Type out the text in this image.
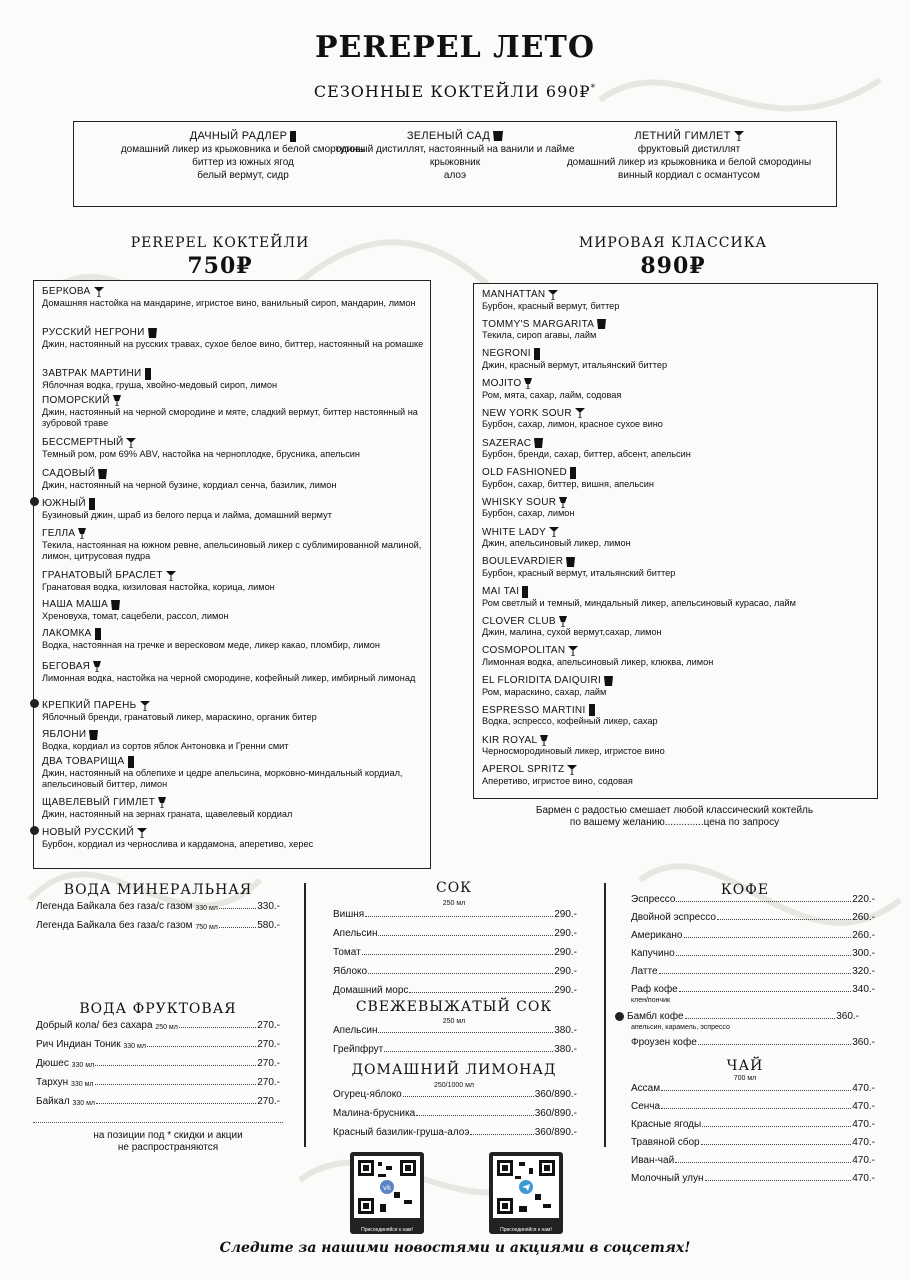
PEREPEL ЛЕТО
СЕЗОННЫЕ КОКТЕЙЛИ 690₽*
ДАЧНЫЙ РАДЛЕР
домашний ликер из крыжовника и белой смородины
биттер из южных ягод
белый вермут, сидр
ЗЕЛЕНЫЙ САД
тутовый дистиллят, настоянный на ванили и лайме
крыжовник
алоэ
ЛЕТНИЙ ГИМЛЕТ
фруктовый дистиллят
домашний ликер из крыжовника и белой смородины
винный кордиал с османтусом
PEREPEL КОКТЕЙЛИ
750₽
БЕРКОВА
Домашняя настойка на мандарине, игристое вино, ванильный сироп, мандарин, лимон
РУССКИЙ НЕГРОНИ
Джин, настоянный на русских травах, сухое белое вино, биттер, настоянный на ромашке
ЗАВТРАК МАРТИНИ
Яблочная водка, груша, хвойно-медовый сироп, лимон
ПОМОРСКИЙ
Джин, настоянный на черной смородине и мяте, сладкий вермут, биттер настоянный на зубровой траве
БЕССМЕРТНЫЙ
Темный ром, ром 69% ABV, настойка на черноплодке, брусника, апельсин
САДОВЫЙ
Джин, настоянный на черной бузине, кордиал сенча, базилик, лимон
ЮЖНЫЙ
Бузиновый джин, шраб из белого перца и лайма, домашний вермут
ГЕЛЛА
Текила, настоянная на южном ревне, апельсиновый ликер с сублимированной малиной, лимон, цитрусовая пудра
ГРАНАТОВЫЙ БРАСЛЕТ
Гранатовая водка, кизиловая настойка, корица, лимон
НАША МАША
Хреновуха, томат, сацебели, рассол, лимон
ЛАКОМКА
Водка, настоянная на гречке и вересковом меде, ликер какао, пломбир, лимон
БЕГОВАЯ
Лимонная водка, настойка на черной смородине, кофейный ликер, имбирный лимонад
КРЕПКИЙ ПАРЕНЬ
Яблочный бренди, гранатовый ликер, мараскино, органик битер
ЯБЛОНИ
Водка, кордиал из сортов яблок Антоновка и Гренни смит
ДВА ТОВАРИЩА
Джин, настоянный на облепихе и цедре апельсина, морковно-миндальный кордиал, апельсиновый биттер, лимон
ЩАВЕЛЕВЫЙ ГИМЛЕТ
Джин, настоянный на зернах граната, щавелевый кордиал
НОВЫЙ РУССКИЙ
Бурбон, кордиал из чернослива и кардамона, аперетиво, херес
МИРОВАЯ КЛАССИКА
890₽
MANHATTAN
Бурбон, красный вермут, биттер
TOMMY'S MARGARITA
Текила, сироп агавы, лайм
NEGRONI
Джин, красный вермут, итальянский биттер
MOJITO
Ром, мята, сахар, лайм, содовая
NEW YORK SOUR
Бурбон, сахар, лимон, красное сухое вино
SAZERAC
Бурбон, бренди, сахар, биттер, абсент, апельсин
OLD FASHIONED
Бурбон, сахар, биттер, вишня, апельсин
WHISKY SOUR
Бурбон, сахар, лимон
WHITE LADY
Джин, апельсиновый ликер, лимон
BOULEVARDIER
Бурбон, красный вермут, итальянский биттер
MAI TAI
Ром светлый и темный, миндальный ликер, апельсиновый курасао, лайм
CLOVER CLUB
Джин, малина, сухой вермут,сахар, лимон
COSMOPOLITAN
Лимонная водка, апельсиновый ликер, клюква, лимон
EL FLORIDITA DAIQUIRI
Ром, мараскино, сахар, лайм
ESPRESSO MARTINI
Водка, эспрессо, кофейный ликер, сахар
KIR ROYAL
Черносмородиновый ликер, игристое вино
APEROL SPRITZ
Аперетиво, игристое вино, содовая
Бармен с радостью смешает любой классический коктейль
по вашему желанию..............цена по запросу
ВОДА МИНЕРАЛЬНАЯ
Легенда Байкала без газа/с газом
330 мл	330.-
Легенда Байкала без газа/с газом
750 мл	580.-
ВОДА ФРУКТОВАЯ
Добрый кола/ без сахара
250 мл	270.-
Рич Индиан Тоник
330 мл	270.-
Дюшес
330 мл	270.-
Тархун
330 мл	270.-
Байкал
330 мл	270.-
на позиции под * скидки и акции
не распространяются
СОК
250 мл
Вишня	290.-
Апельсин	290.-
Томат	290.-
Яблоко	290.-
Домашний морс	290.-
СВЕЖЕВЫЖАТЫЙ СОК
250 мл
Апельсин	380.-
Грейпфрут	380.-
ДОМАШНИЙ ЛИМОНАД
250/1000 мл
Огурец-яблоко	360/890.-
Малина-брусника	360/890.-
Красный базилик-груша-алоэ	360/890.-
КОФЕ
Эспрессо	220.-
Двойной эспрессо	260.-
Американо	260.-
Капучино	300.-
Латте	320.-
Раф кофе	340.-
клен/пончик
Бамбл кофе	360.-
апельсин, карамель, эспрессо
Фроузен кофе	360.-
ЧАЙ
700 мл
Ассам	470.-
Сенча	470.-
Красные ягоды	470.-
Травяной сбор	470.-
Иван-чай	470.-
Молочный улун	470.-
vk
Присоединяйся к нам!	Присоединяйся к нам!
Следите за нашими новостями и акциями в соцсетях!
